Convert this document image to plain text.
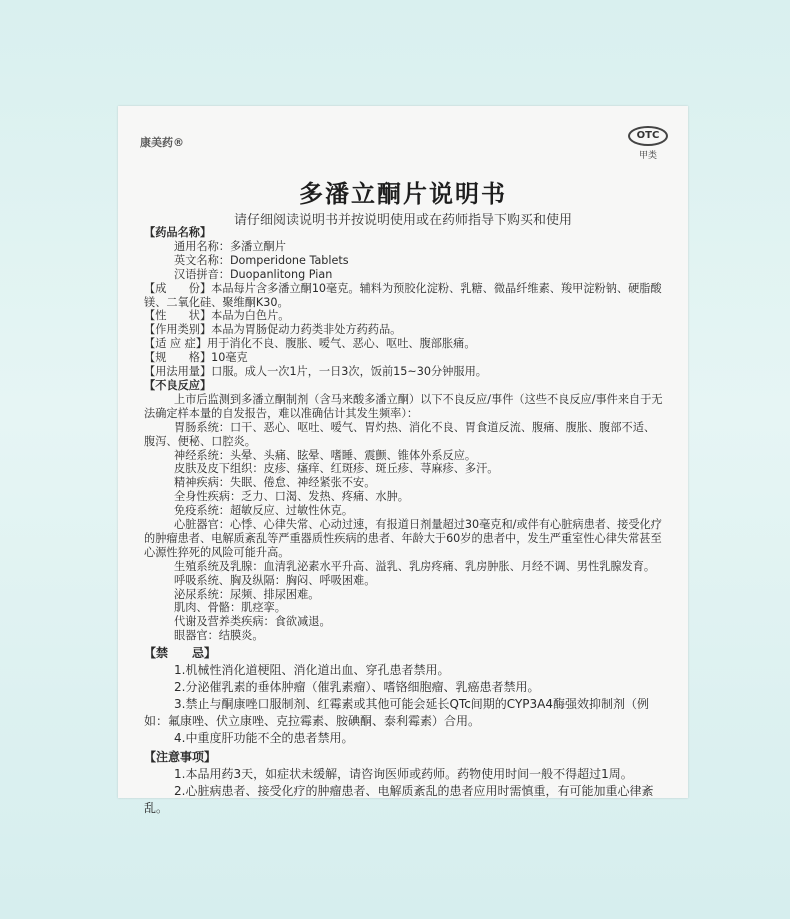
康美药®
OTC
甲类
多潘立酮片说明书
请仔细阅读说明书并按说明使用或在药师指导下购买和使用
【药品名称】
通用名称：多潘立酮片
英文名称：Domperidone Tablets
汉语拼音：Duopanlitong Pian
【成　　份】本品每片含多潘立酮10毫克。辅料为预胶化淀粉、乳糖、微晶纤维素、羧甲淀粉钠、硬脂酸镁、二氧化硅、聚维酮K30。
【性　　状】本品为白色片。
【作用类别】本品为胃肠促动力药类非处方药药品。
【适 应 症】用于消化不良、腹胀、嗳气、恶心、呕吐、腹部胀痛。
【规　　格】10毫克
【用法用量】口服。成人一次1片，一日3次，饭前15~30分钟服用。
【不良反应】
上市后监测到多潘立酮制剂（含马来酸多潘立酮）以下不良反应/事件（这些不良反应/事件来自于无法确定样本量的自发报告，难以准确估计其发生频率）：
胃肠系统：口干、恶心、呕吐、嗳气、胃灼热、消化不良、胃食道反流、腹痛、腹胀、腹部不适、腹泻、便秘、口腔炎。
神经系统：头晕、头痛、眩晕、嗜睡、震颤、锥体外系反应。
皮肤及皮下组织：皮疹、瘙痒、红斑疹、斑丘疹、荨麻疹、多汗。
精神疾病：失眠、倦怠、神经紧张不安。
全身性疾病：乏力、口渴、发热、疼痛、水肿。
免疫系统：超敏反应、过敏性休克。
心脏器官：心悸、心律失常、心动过速，有报道日剂量超过30毫克和/或伴有心脏病患者、接受化疗的肿瘤患者、电解质紊乱等严重器质性疾病的患者、年龄大于60岁的患者中，发生严重室性心律失常甚至心源性猝死的风险可能升高。
生殖系统及乳腺：血清乳泌素水平升高、溢乳、乳房疼痛、乳房肿胀、月经不调、男性乳腺发育。
呼吸系统、胸及纵隔：胸闷、呼吸困难。
泌尿系统：尿频、排尿困难。
肌肉、骨骼：肌痉挛。
代谢及营养类疾病：食欲减退。
眼器官：结膜炎。
【禁　　忌】
1.机械性消化道梗阻、消化道出血、穿孔患者禁用。
2.分泌催乳素的垂体肿瘤（催乳素瘤）、嗜铬细胞瘤、乳癌患者禁用。
3.禁止与酮康唑口服制剂、红霉素或其他可能会延长QTc间期的CYP3A4酶强效抑制剂（例如：氟康唑、伏立康唑、克拉霉素、胺碘酮、泰利霉素）合用。
4.中重度肝功能不全的患者禁用。
【注意事项】
1.本品用药3天，如症状未缓解，请咨询医师或药师。药物使用时间一般不得超过1周。
2.心脏病患者、接受化疗的肿瘤患者、电解质紊乱的患者应用时需慎重，有可能加重心律紊乱。
